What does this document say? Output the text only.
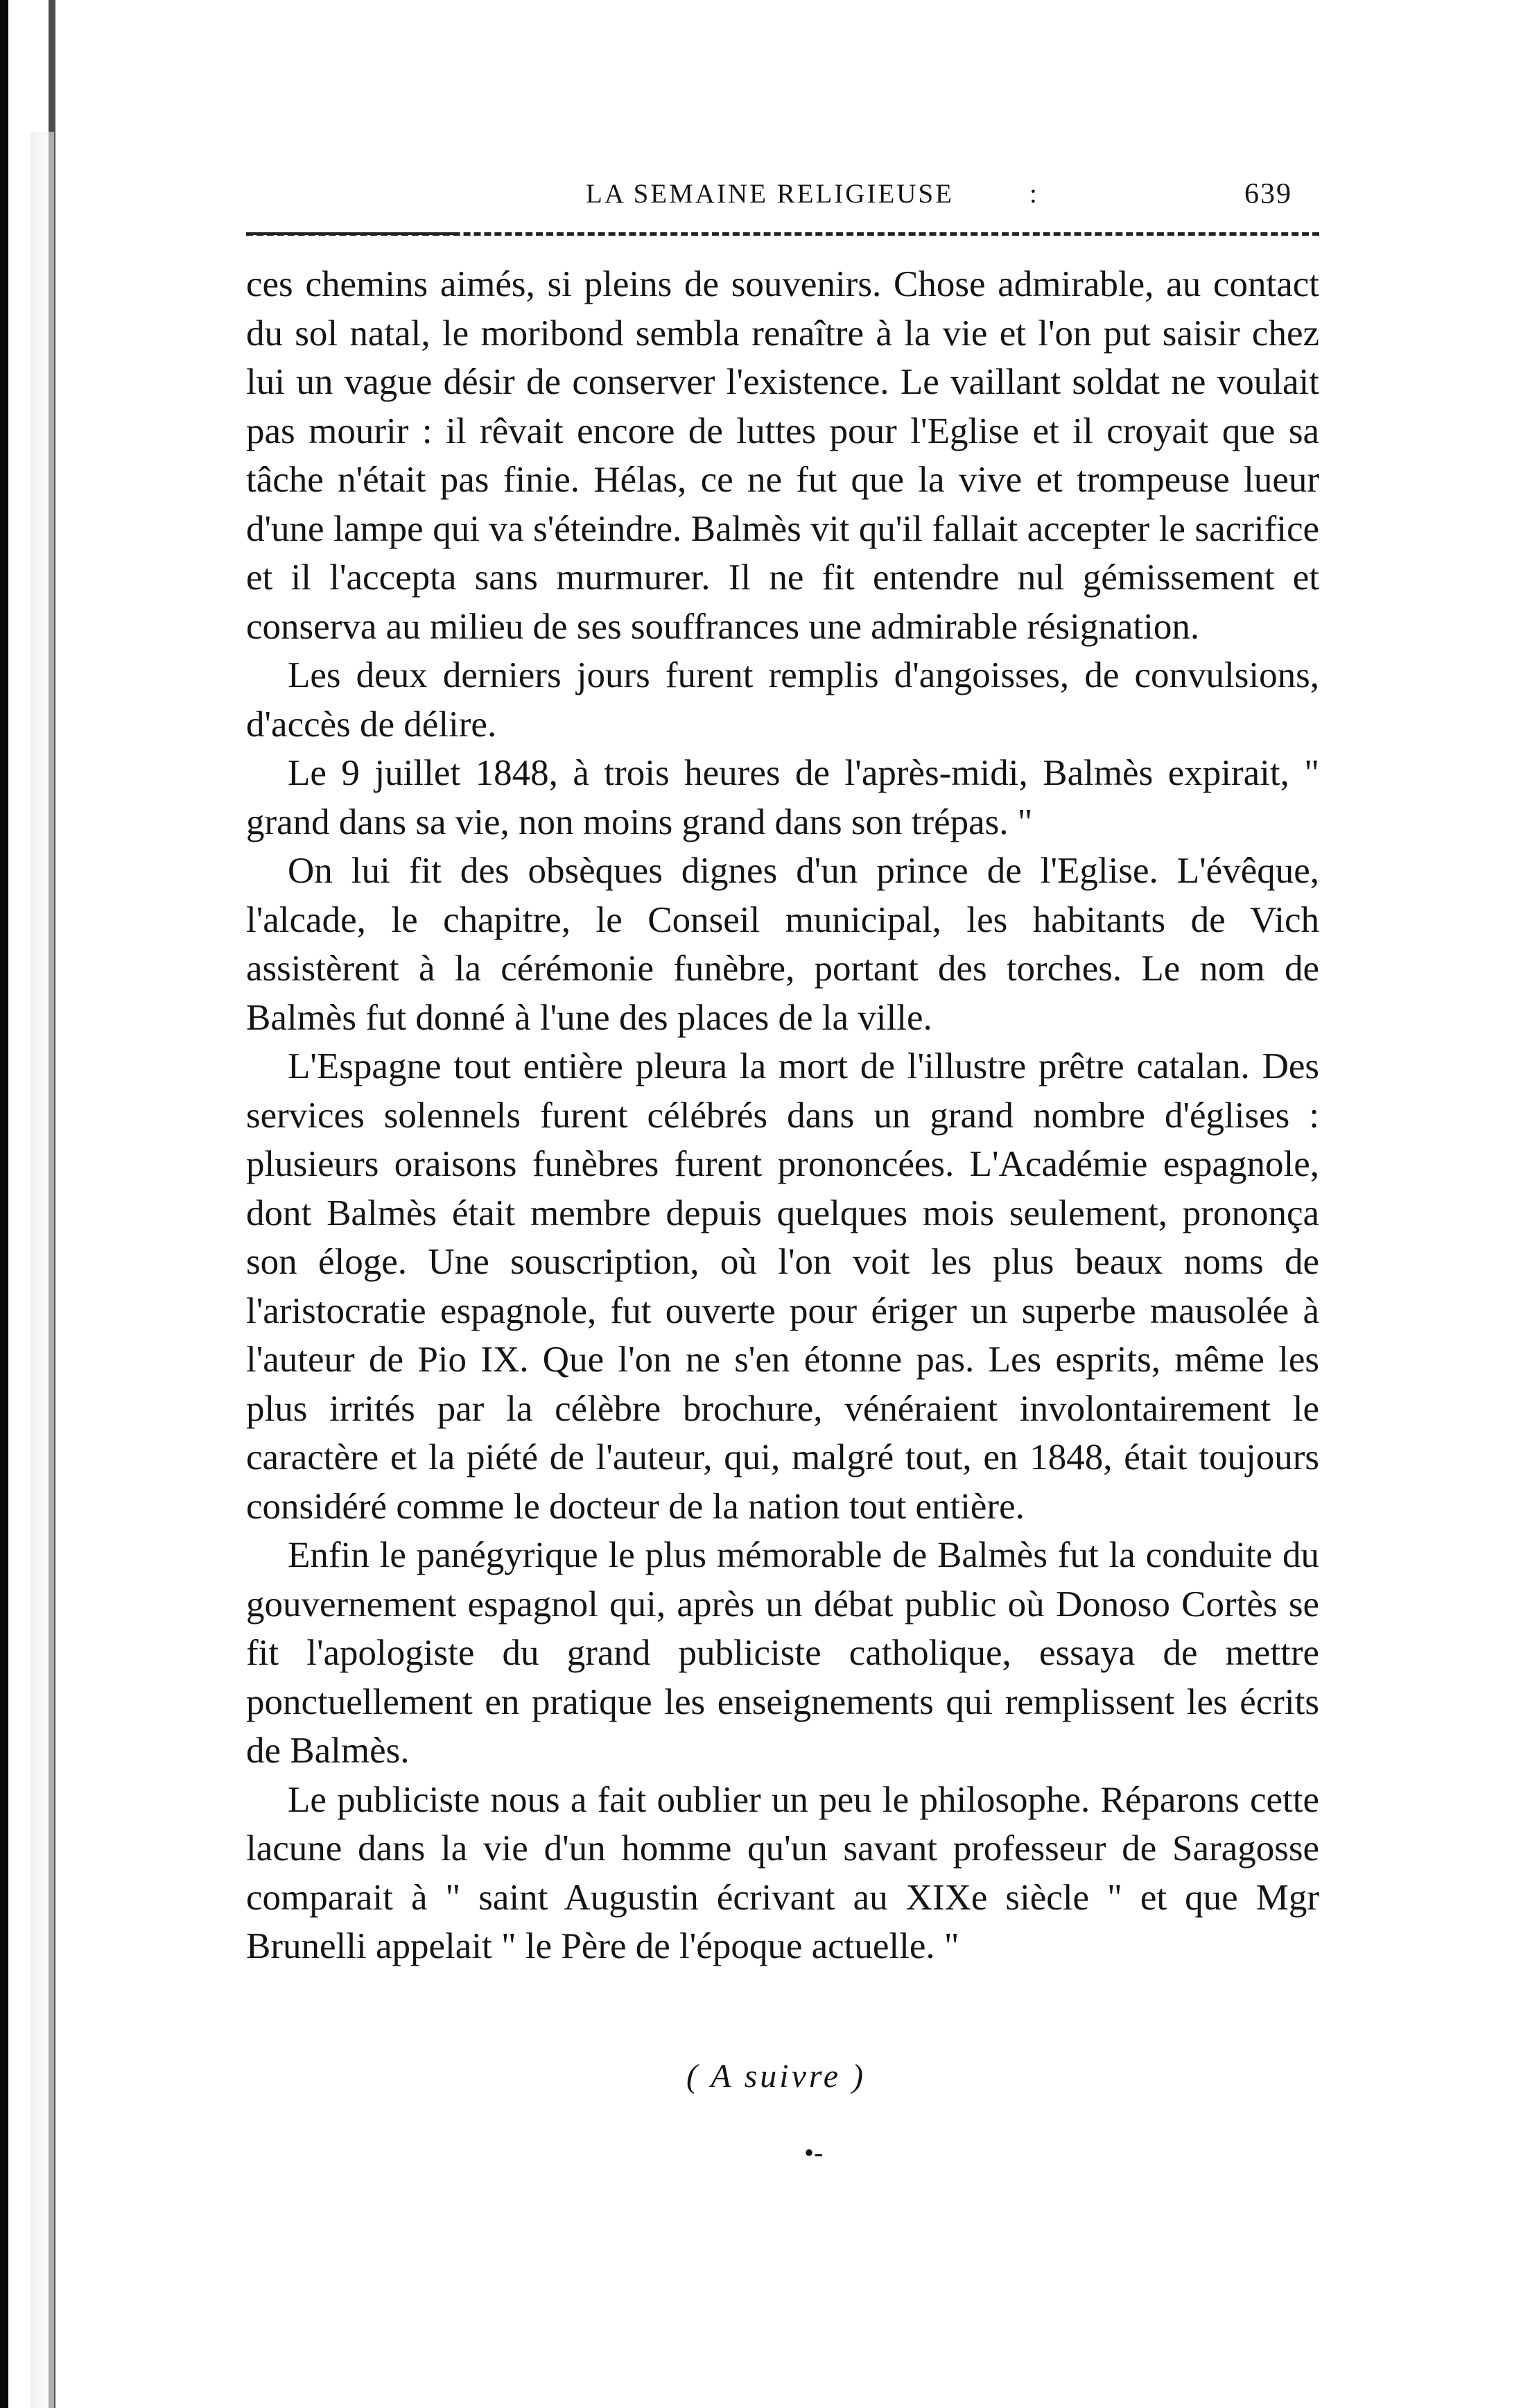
LA SEMAINE RELIGIEUSE	:	639

ces chemins aimés, si pleins de souvenirs. Chose admirable, au contact du sol natal, le moribond sembla renaître à la vie et l'on put saisir chez lui un vague désir de conserver l'existence. Le vaillant soldat ne voulait pas mourir : il rêvait encore de luttes pour l'Eglise et il croyait que sa tâche n'était pas finie. Hélas, ce ne fut que la vive et trompeuse lueur d'une lampe qui va s'éteindre. Balmès vit qu'il fallait accepter le sacrifice et il l'accepta sans murmurer. Il ne fit entendre nul gémissement et conserva au milieu de ses souffrances une admirable résignation.

Les deux derniers jours furent remplis d'angoisses, de convulsions, d'accès de délire.

Le 9 juillet 1848, à trois heures de l'après-midi, Balmès expirait, " grand dans sa vie, non moins grand dans son trépas. "

On lui fit des obsèques dignes d'un prince de l'Eglise. L'évêque, l'alcade, le chapitre, le Conseil municipal, les habitants de Vich assistèrent à la cérémonie funèbre, portant des torches. Le nom de Balmès fut donné à l'une des places de la ville.

L'Espagne tout entière pleura la mort de l'illustre prêtre catalan. Des services solennels furent célébrés dans un grand nombre d'églises : plusieurs oraisons funèbres furent prononcées. L'Académie espagnole, dont Balmès était membre depuis quelques mois seulement, prononça son éloge. Une souscription, où l'on voit les plus beaux noms de l'aristocratie espagnole, fut ouverte pour ériger un superbe mausolée à l'auteur de Pio IX. Que l'on ne s'en étonne pas. Les esprits, même les plus irrités par la célèbre brochure, vénéraient involontairement le caractère et la piété de l'auteur, qui, malgré tout, en 1848, était toujours considéré comme le docteur de la nation tout entière.

Enfin le panégyrique le plus mémorable de Balmès fut la conduite du gouvernement espagnol qui, après un débat public où Donoso Cortès se fit l'apologiste du grand publiciste catholique, essaya de mettre ponctuellement en pratique les enseignements qui remplissent les écrits de Balmès.

Le publiciste nous a fait oublier un peu le philosophe. Réparons cette lacune dans la vie d'un homme qu'un savant professeur de Saragosse comparait à " saint Augustin écrivant au XIXe siècle " et que Mgr Brunelli appelait " le Père de l'époque actuelle. "

( A suivre )
•-
